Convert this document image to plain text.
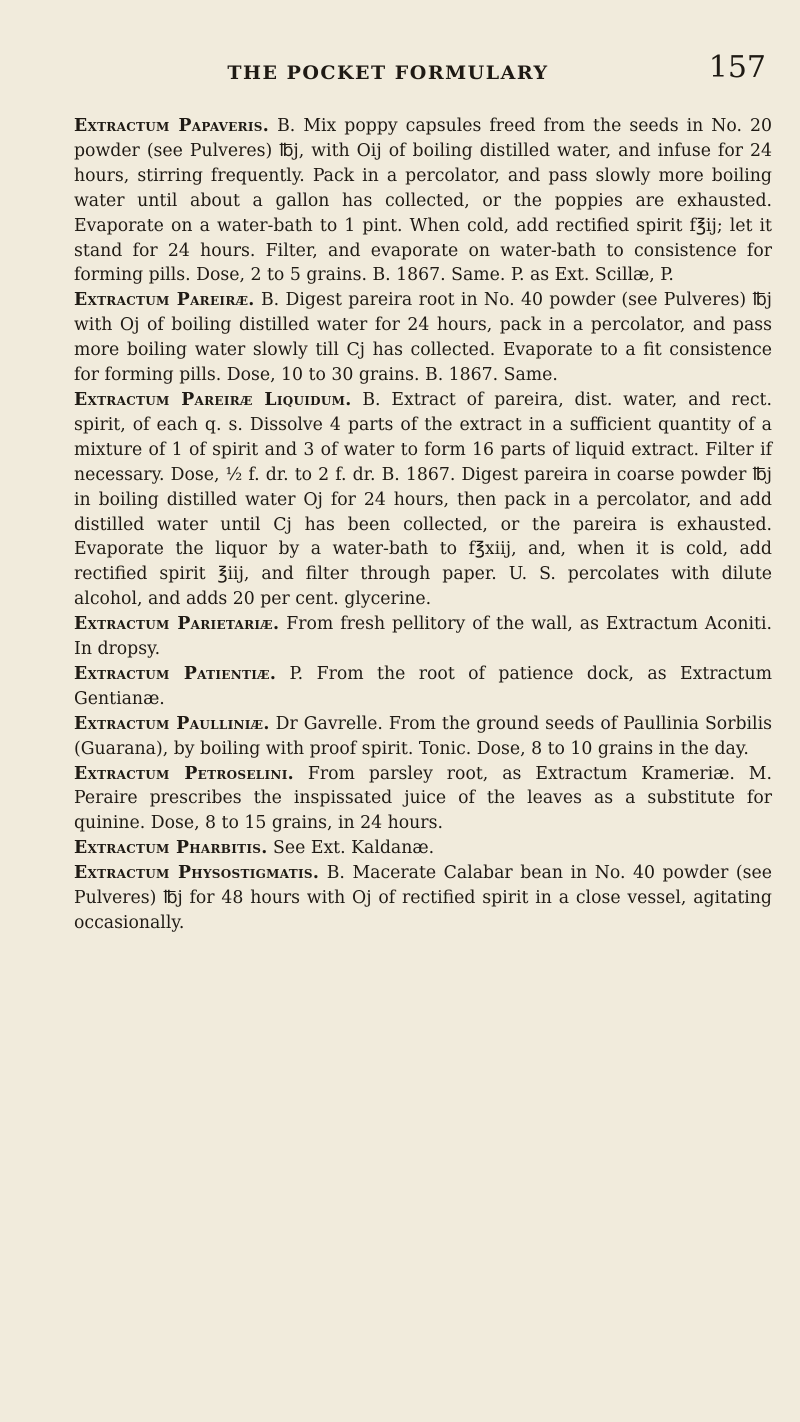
THE POCKET FORMULARY	157

Extractum Papaveris. B. Mix poppy capsules freed from the seeds in No. 20 powder (see Pulveres) ℔j, with Oij of boiling distilled water, and infuse for 24 hours, stirring frequently. Pack in a percolator, and pass slowly more boiling water until about a gallon has collected, or the poppies are exhausted. Evaporate on a water-bath to 1 pint. When cold, add rectified spirit f℥ij; let it stand for 24 hours. Filter, and evaporate on water-bath to consistence for forming pills. Dose, 2 to 5 grains. B. 1867. Same. P. as Ext. Scillæ, P.

Extractum Pareiræ. B. Digest pareira root in No. 40 powder (see Pulveres) ℔j with Oj of boiling distilled water for 24 hours, pack in a percolator, and pass more boiling water slowly till Cj has collected. Evaporate to a fit consistence for forming pills. Dose, 10 to 30 grains. B. 1867. Same.

Extractum Pareiræ Liquidum. B. Extract of pareira, dist. water, and rect. spirit, of each q. s. Dissolve 4 parts of the extract in a sufficient quantity of a mixture of 1 of spirit and 3 of water to form 16 parts of liquid extract. Filter if necessary. Dose, ½ f. dr. to 2 f. dr. B. 1867. Digest pareira in coarse powder ℔j in boiling distilled water Oj for 24 hours, then pack in a percolator, and add distilled water until Cj has been collected, or the pareira is exhausted. Evaporate the liquor by a water-bath to f℥xiij, and, when it is cold, add rectified spirit ℥iij, and filter through paper. U. S. percolates with dilute alcohol, and adds 20 per cent. glycerine.

Extractum Parietariæ. From fresh pellitory of the wall, as Extractum Aconiti. In dropsy.

Extractum Patientiæ. P. From the root of patience dock, as Extractum Gentianæ.

Extractum Paulliniæ. Dr Gavrelle. From the ground seeds of Paullinia Sorbilis (Guarana), by boiling with proof spirit. Tonic. Dose, 8 to 10 grains in the day.

Extractum Petroselini. From parsley root, as Extractum Krameriæ. M. Peraire prescribes the inspissated juice of the leaves as a substitute for quinine. Dose, 8 to 15 grains, in 24 hours.

Extractum Pharbitis. See Ext. Kaldanæ.

Extractum Physostigmatis. B. Macerate Calabar bean in No. 40 powder (see Pulveres) ℔j for 48 hours with Oj of rectified spirit in a close vessel, agitating occasionally.
